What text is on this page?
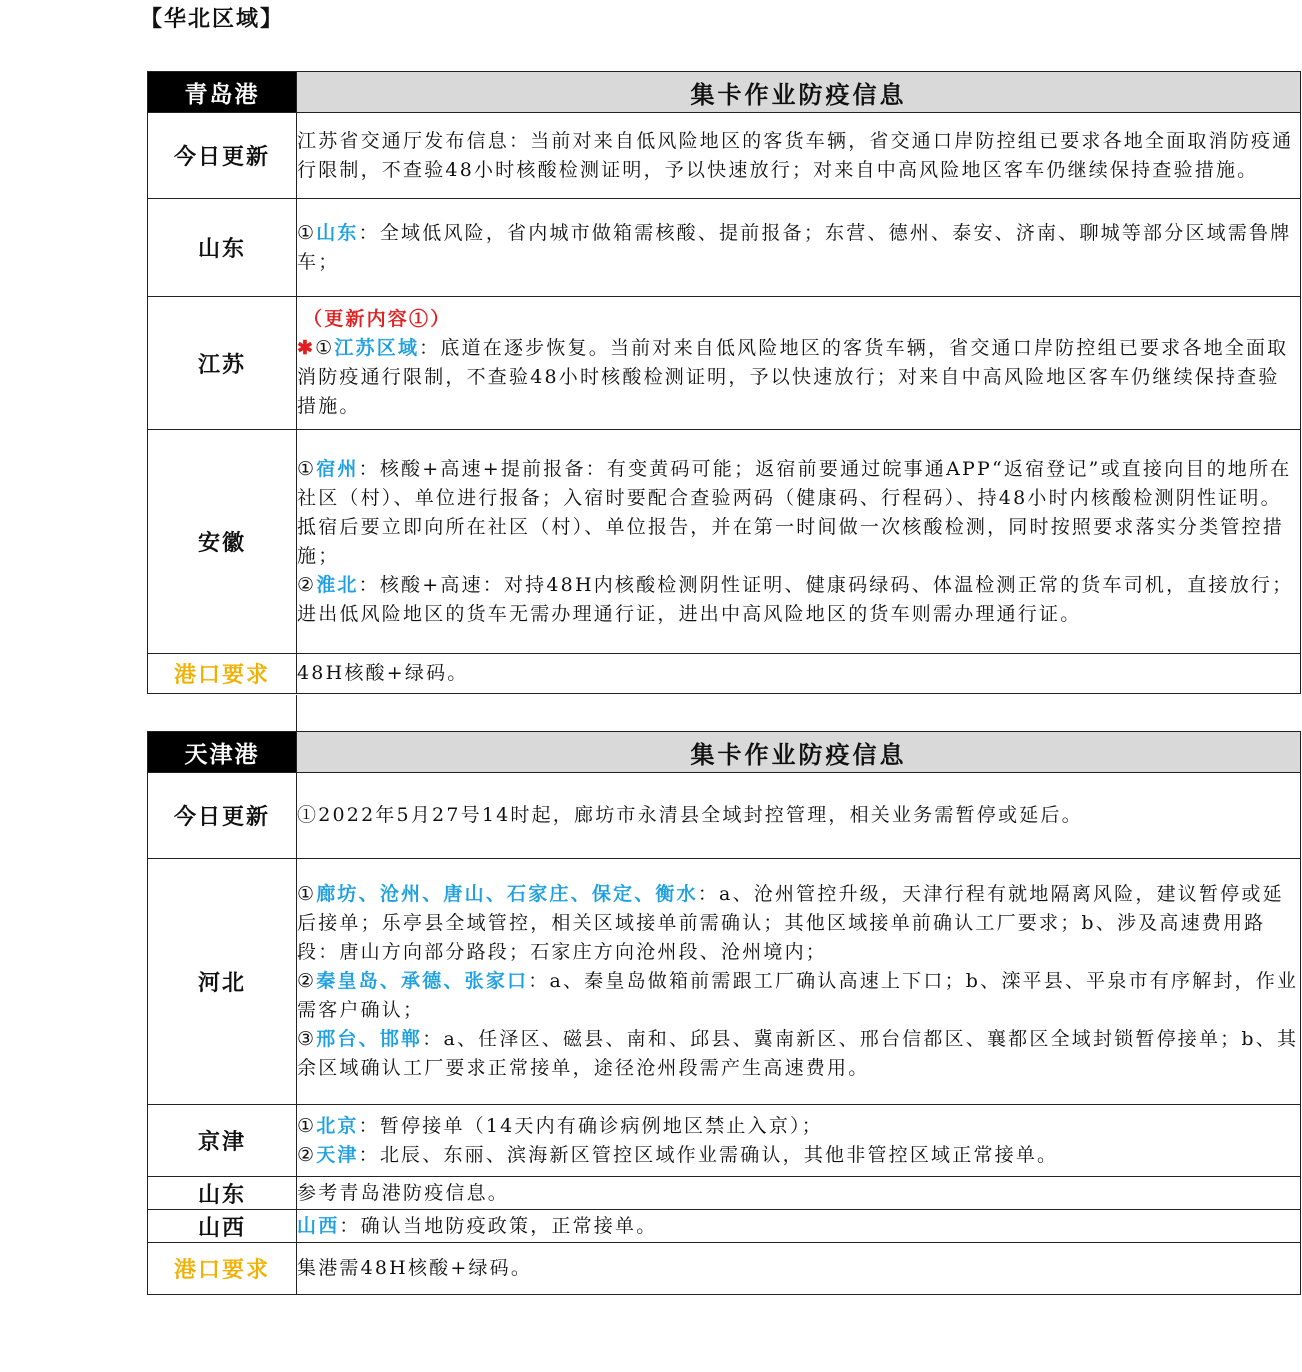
【华北区域】
青岛港	集卡作业防疫信息
今日更新	江苏省交通厅发布信息：当前对来自低风险地区的客货车辆，省交通口岸防控组已要求各地全面取消防疫通行限制，不查验48小时核酸检测证明，予以快速放行；对来自中高风险地区客车仍继续保持查验措施。
山东	①山东：全域低风险，省内城市做箱需核酸、提前报备；东营、德州、泰安、济南、聊城等部分区域需鲁牌车；
江苏	（更新内容①）
✱①江苏区域：底道在逐步恢复。当前对来自低风险地区的客货车辆，省交通口岸防控组已要求各地全面取消防疫通行限制，不查验48小时核酸检测证明，予以快速放行；对来自中高风险地区客车仍继续保持查验措施。
安徽	①宿州：核酸+高速+提前报备：有变黄码可能；返宿前要通过皖事通APP“返宿登记”或直接向目的地所在社区（村）、单位进行报备；入宿时要配合查验两码（健康码、行程码）、持48小时内核酸检测阴性证明。抵宿后要立即向所在社区（村）、单位报告，并在第一时间做一次核酸检测，同时按照要求落实分类管控措施；
②淮北：核酸+高速：对持48H内核酸检测阴性证明、健康码绿码、体温检测正常的货车司机，直接放行；进出低风险地区的货车无需办理通行证，进出中高风险地区的货车则需办理通行证。

港口要求	48H核酸+绿码。
天津港	集卡作业防疫信息
今日更新	①2022年5月27号14时起，廊坊市永清县全域封控管理，相关业务需暂停或延后。
河北	①廊坊、沧州、唐山、石家庄、保定、衡水：a、沧州管控升级，天津行程有就地隔离风险，建议暂停或延后接单；乐亭县全域管控，相关区域接单前需确认；其他区域接单前确认工厂要求；b、涉及高速费用路段：唐山方向部分路段；石家庄方向沧州段、沧州境内；
②秦皇岛、承德、张家口：a、秦皇岛做箱前需跟工厂确认高速上下口；b、滦平县、平泉市有序解封，作业需客户确认；
③邢台、邯郸：a、任泽区、磁县、南和、邱县、冀南新区、邢台信都区、襄都区全域封锁暂停接单；b、其余区域确认工厂要求正常接单，途径沧州段需产生高速费用。

京津	①北京：暂停接单（14天内有确诊病例地区禁止入京）；
②天津：北辰、东丽、滨海新区管控区域作业需确认，其他非管控区域正常接单。

山东	参考青岛港防疫信息。
山西	山西：确认当地防疫政策，正常接单。
港口要求	集港需48H核酸+绿码。
